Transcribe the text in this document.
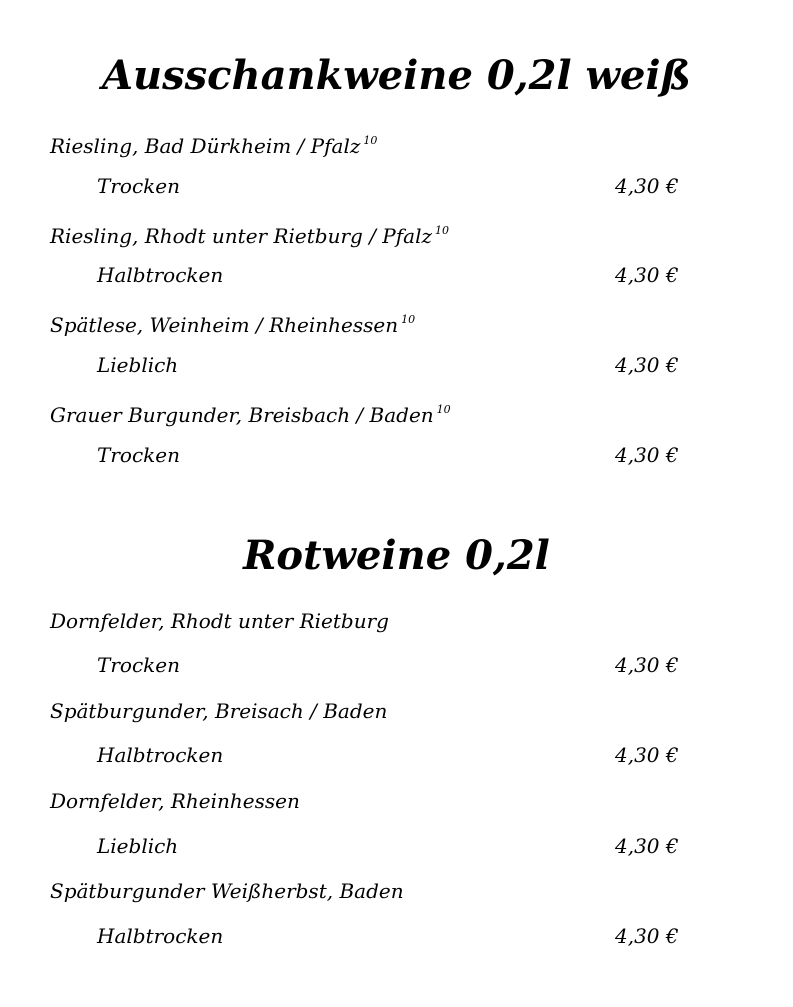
Ausschankweine 0,2l weiß
Riesling, Bad Dürkheim / Pfalz $^{10}$
Trocken	4,30 €
Riesling, Rhodt unter Rietburg / Pfalz $^{10}$
Halbtrocken	4,30 €
Spätlese, Weinheim / Rheinhessen $^{10}$
Lieblich	4,30 €
Grauer Burgunder, Breisbach / Baden $^{10}$
Trocken	4,30 €
Rotweine 0,2l
Dornfelder, Rhodt unter Rietburg
Trocken	4,30 €
Spätburgunder, Breisach / Baden
Halbtrocken	4,30 €
Dornfelder, Rheinhessen
Lieblich	4,30 €
Spätburgunder Weißherbst, Baden
Halbtrocken	4,30 €
